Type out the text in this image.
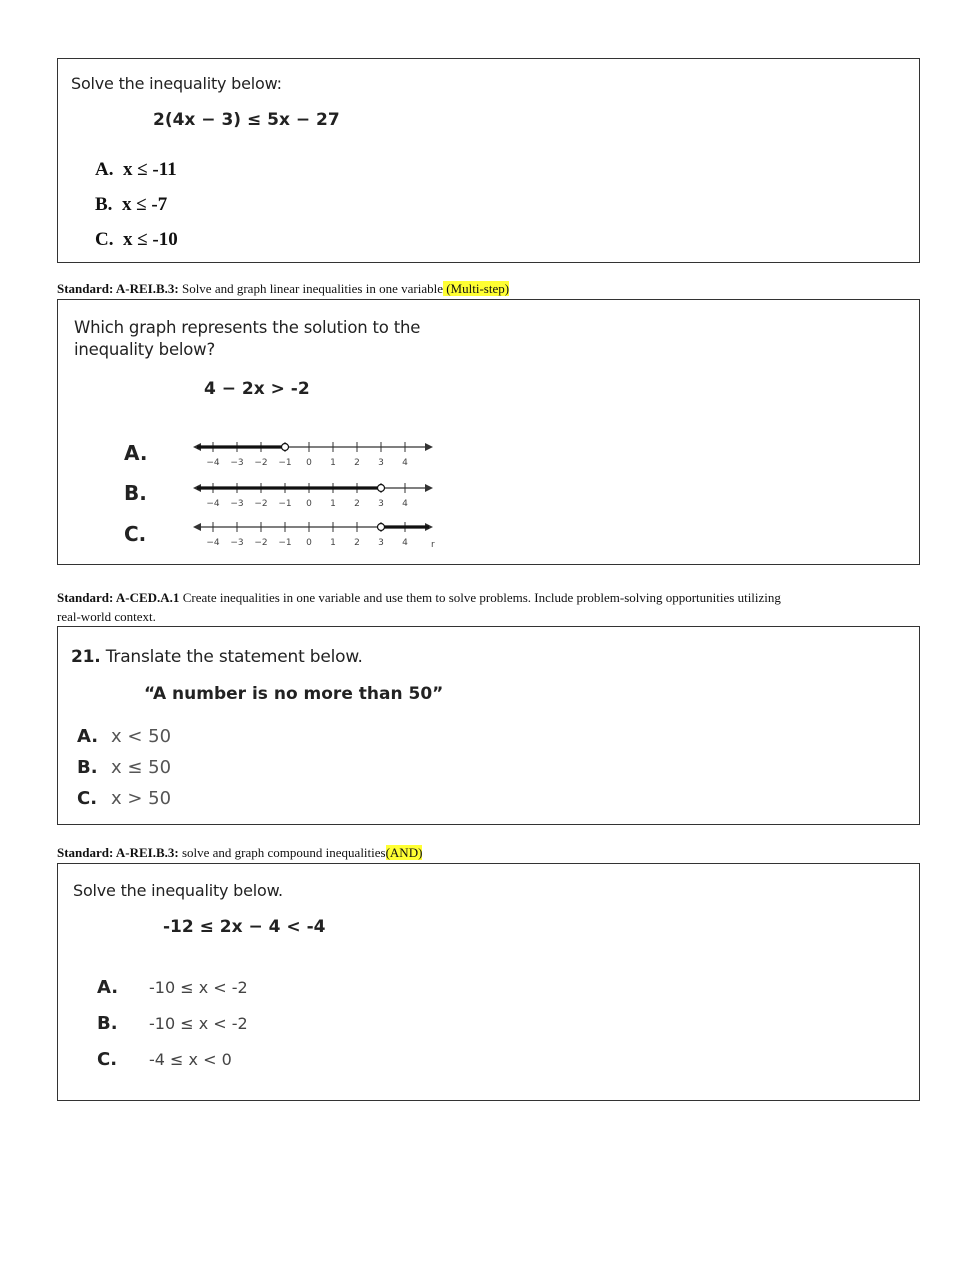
Solve the inequality below:
2(4x − 3) ≤ 5x − 27
A. x ≤ -11
B. x ≤ -7
C. x ≤ -10
Standard: A-REI.B.3: Solve and graph linear inequalities in one variable (Multi-step)
Which graph represents the solution to the
inequality below?
4 − 2x > -2
A.
B.
C.
−4 −3 −2 −1 0 1 2 3 4
−4 −3 −2 −1 0 1 2 3 4
−4 −3 −2 −1 0 1 2 3 4	r
Standard: A-CED.A.1 Create inequalities in one variable and use them to solve problems. Include problem-solving opportunities utilizing
real-world context.
21. Translate the statement below.
“A number is no more than 50”
A. x < 50
B. x ≤ 50
C. x > 50
Standard: A-REI.B.3: solve and graph compound inequalities(AND)
Solve the inequality below.
-12 ≤ 2x − 4 < -4
A. -10 ≤ x < -2
B. -10 ≤ x < -2
C. -4 ≤ x < 0
